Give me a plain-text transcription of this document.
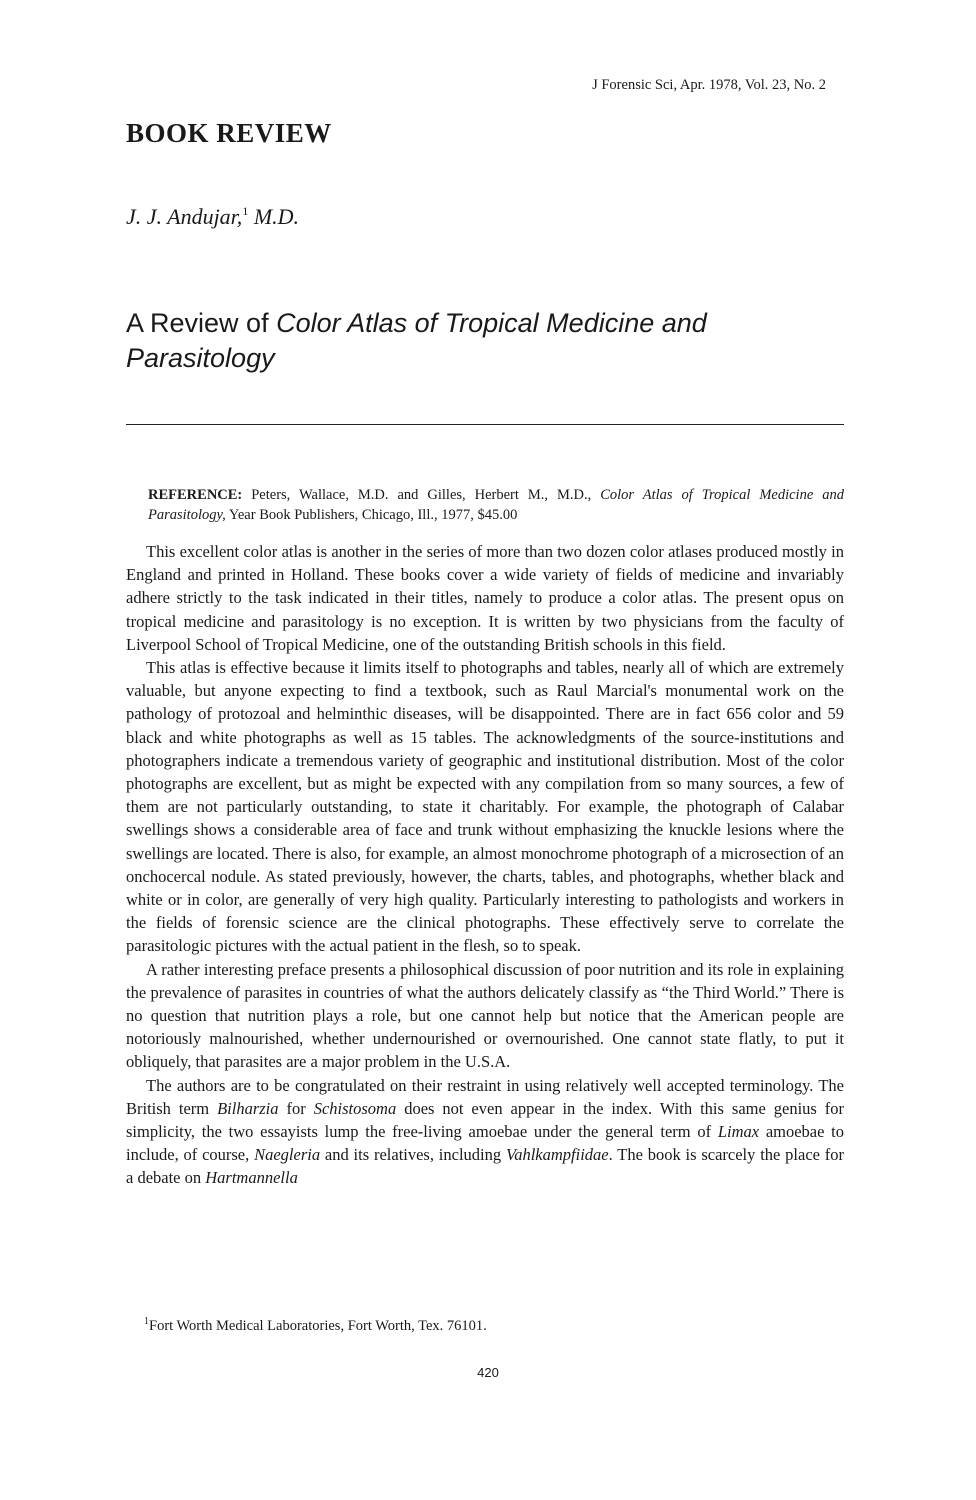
J Forensic Sci, Apr. 1978, Vol. 23, No. 2
BOOK REVIEW
J. J. Andujar,$^1$ M.D.
A Review of Color Atlas of Tropical Medicine and
Parasitology
REFERENCE: Peters, Wallace, M.D. and Gilles, Herbert M., M.D., Color Atlas of Tropical Medicine and Parasitology, Year Book Publishers, Chicago, Ill., 1977, $45.00

This excellent color atlas is another in the series of more than two dozen color atlases produced mostly in England and printed in Holland. These books cover a wide variety of fields of medicine and invariably adhere strictly to the task indicated in their titles, namely to produce a color atlas. The present opus on tropical medicine and parasitology is no exception. It is written by two physicians from the faculty of Liverpool School of Tropical Medicine, one of the outstanding British schools in this field.

This atlas is effective because it limits itself to photographs and tables, nearly all of which are extremely valuable, but anyone expecting to find a textbook, such as Raul Marcial's monumental work on the pathology of protozoal and helminthic diseases, will be disappointed. There are in fact 656 color and 59 black and white photographs as well as 15 tables. The acknowledgments of the source-institutions and photographers indicate a tremendous variety of geographic and institutional distribution. Most of the color photographs are excellent, but as might be expected with any compilation from so many sources, a few of them are not particularly outstanding, to state it charitably. For example, the photograph of Calabar swellings shows a considerable area of face and trunk without emphasizing the knuckle lesions where the swellings are located. There is also, for example, an almost monochrome photograph of a microsection of an onchocercal nodule. As stated previously, however, the charts, tables, and photographs, whether black and white or in color, are generally of very high quality. Particularly interesting to pathologists and workers in the fields of forensic science are the clinical photographs. These effectively serve to correlate the parasitologic pictures with the actual patient in the flesh, so to speak.

A rather interesting preface presents a philosophical discussion of poor nutrition and its role in explaining the prevalence of parasites in countries of what the authors delicately classify as “the Third World.” There is no question that nutrition plays a role, but one cannot help but notice that the American people are notoriously malnourished, whether undernourished or overnourished. One cannot state flatly, to put it obliquely, that parasites are a major problem in the U.S.A.

The authors are to be congratulated on their restraint in using relatively well accepted terminology. The British term Bilharzia for Schistosoma does not even appear in the index. With this same genius for simplicity, the two essayists lump the free-living amoebae under the general term of Limax amoebae to include, of course, Naegleria and its relatives, including Vahlkampfiidae. The book is scarcely the place for a debate on Hartmannella

$^1$Fort Worth Medical Laboratories, Fort Worth, Tex. 76101.
420
